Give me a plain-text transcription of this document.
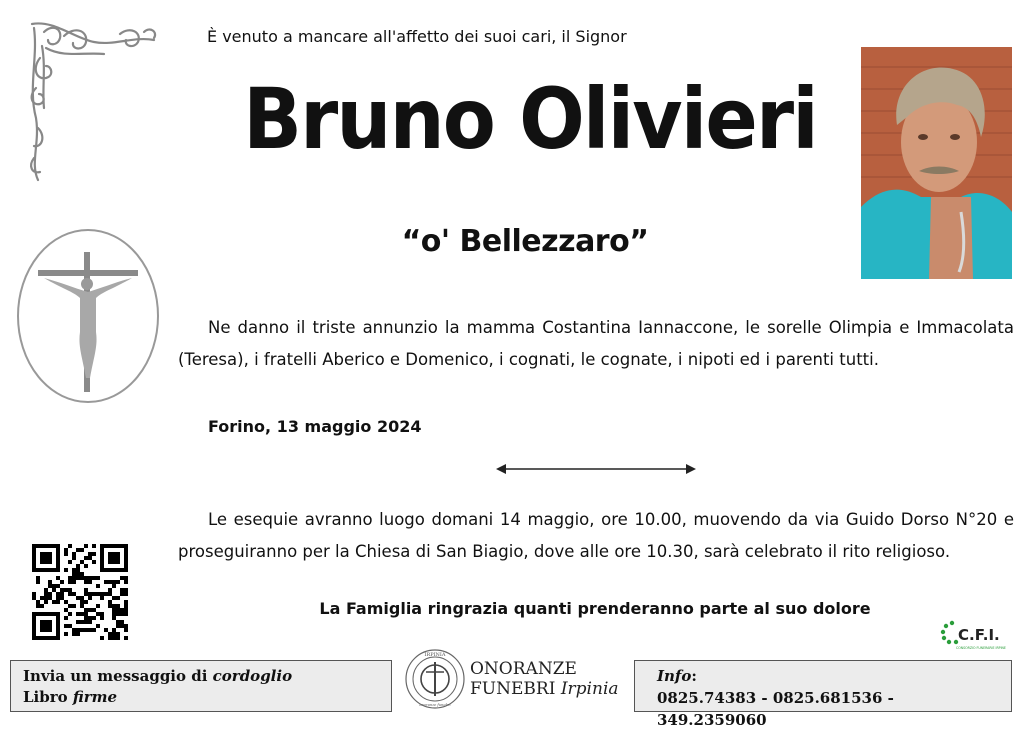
È venuto a mancare all'affetto dei suoi cari, il Signor
Bruno Olivieri
“o' Bellezzaro”
Ne danno il triste annunzio la mamma Costantina Iannaccone, le sorelle Olimpia e Immacolata (Teresa), i fratelli Aberico e Domenico, i cognati, le cognate, i nipoti ed i parenti tutti.
Forino, 13 maggio 2024
Le esequie avranno luogo domani 14 maggio, ore 10.00, muovendo da via Guido Dorso N°20 e proseguiranno per la Chiesa di San Biagio, dove alle ore 10.30, sarà celebrato il rito religioso.
La Famiglia ringrazia quanti prenderanno parte al suo dolore
C.F.I.
CONSORZIO FUNERARIE IRPINE
Invia un messaggio di cordoglio
Libro firme
IRPINIA
onoranze funebri
ONORANZE
FUNEBRI Irpinia
Info:
0825.74383 - 0825.681536 - 349.2359060
